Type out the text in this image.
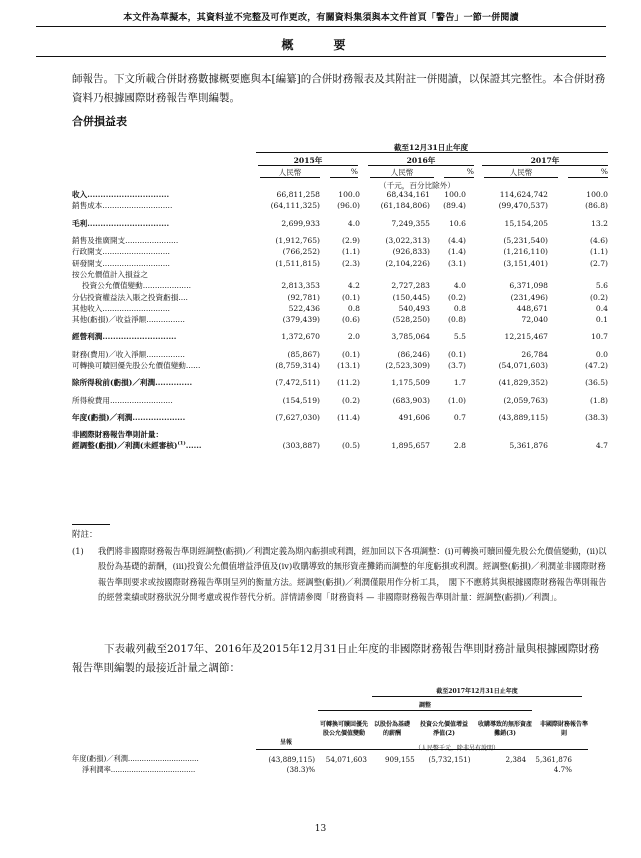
本文件為草擬本，其資料並不完整及可作更改，有關資料集須與本文件首頁「警告」一節一併閱讀
概　要
師報告。下文所載合併財務數據概要應與本[編纂]的合併財務報表及其附註一併閱讀，以保證其完整性。本合併財務資料乃根據國際財務報告準則編製。
合併損益表
截至12月31日止年度
2015年	2016年	2017年
人民幣	%	人民幣	%	人民幣	%
（千元，百分比除外）
收入...............................	66,811,258	100.0	68,434,161	100.0	114,624,742	100.0
銷售成本.............................	(64,111,325)	(96.0)	(61,184,806)	(89.4)	(99,470,537)	(86.8)

毛利...............................	2,699,933	4.0	7,249,355	10.6	15,154,205	13.2

銷售及推廣開支......................	(1,912,765)	(2.9)	(3,022,313)	(4.4)	(5,231,540)	(4.6)
行政開支............................	(766,252)	(1.1)	(926,833)	(1.4)	(1,216,110)	(1.1)
研發開支............................	(1,511,815)	(2.3)	(2,104,226)	(3.1)	(3,151,401)	(2.7)
按公允價值計入損益之						
投資公允價值變動....................	2,813,353	4.2	2,727,283	4.0	6,371,098	5.6
分佔投資權益法入賬之投資虧損....	(92,781)	(0.1)	(150,445)	(0.2)	(231,496)	(0.2)
其他收入............................	522,436	0.8	540,493	0.8	448,671	0.4
其他(虧損)／收益淨額................	(379,439)	(0.6)	(528,250)	(0.8)	72,040	0.1

經營利潤............................	1,372,670	2.0	3,785,064	5.5	12,215,467	10.7

財務(費用)／收入淨額................	(85,867)	(0.1)	(86,246)	(0.1)	26,784	0.0
可轉換可贖回優先股公允價值變動......	(8,759,314)	(13.1)	(2,523,309)	(3.7)	(54,071,603)	(47.2)

除所得稅前(虧損)／利潤..............	(7,472,511)	(11.2)	1,175,509	1.7	(41,829,352)	(36.5)

所得稅費用..........................	(154,519)	(0.2)	(683,903)	(1.0)	(2,059,763)	(1.8)

年度(虧損)／利潤....................	(7,627,030)	(11.4)	491,606	0.7	(43,889,115)	(38.3)

非國際財務報告準則計量：						
經調整(虧損)／利潤(未經審核)$^{(1)}$......	(303,887)	(0.5)	1,895,657	2.8	5,361,876	4.7
附註：
(1) 我們將非國際財務報告準則經調整(虧損)／利潤定義為期內虧損或利潤，經加回以下各項調整：(i)可轉換可贖回優先股公允價值變動，(ii)以股份為基礎的薪酬，(iii)投資公允價值增益淨值及(iv)收購導致的無形資產攤銷而調整的年度虧損或利潤。經調整(虧損)／利潤並非國際財務報告準則要求或按國際財務報告準則呈列的衡量方法。經調整(虧損)／利潤僅限用作分析工具，　閣下不應將其與根據國際財務報告準則報告的經營業績或財務狀況分開考慮或視作替代分析。詳情請參閱「財務資料 — 非國際財務報告準則計量：經調整(虧損)／利潤」。
下表載列截至2017年、2016年及2015年12月31日止年度的非國際財務報告準則財務計量與根據國際財務報告準則編製的最接近計量之調節：
截至2017年12月31日止年度
調整
呈報
可轉換可贖回優先股公允價值變動
以股份為基礎的薪酬
投資公允價值增益淨值(2)
收購導致的無形資產攤銷(3)
非國際財務報告準則
（人民幣千元，除非另有說明）
年度(虧損)／利潤...............................	(43,889,115)	54,071,603	909,155	(5,732,151)	2,384	5,361,876
淨利潤率.....................................	(38.3)%					4.7%
13
